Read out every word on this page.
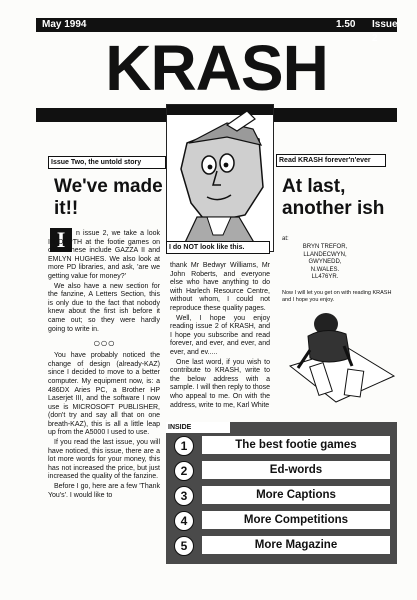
May 1994	1.50 Issue 2
KRASH
Issue Two, the untold story
We've made it!!
I	n issue 2, we take a look IN DEPTH at the footie games on offer. These include GAZZA II and EMLYN HUGHES. We also look at more PD libraries, and ask, 'are we getting value for money?'

We also have a new section for the fanzine, A Letters Section, this is only due to the fact that nobody knew about the first ish before it came out; so they were hardly going to write in.

○○○

You have probably noticed the change of design (already-KAZ) since I decided to move to a better computer. My equipment now, is: a 486DX Aries PC, a Brother HP Laserjet III, and the software I now use is MICROSOFT PUBLISHER, (don't try and say all that on one breath-KAZ), this is all a little leap up from the A5000 I used to use.

If you read the last issue, you will have noticed, this issue, there are a lot more words for your money, this has not increased the price, but just increased the quality of the fanzine.

Before I go, here are a few 'Thank You's'. I would like to

I do NOT look like this.

thank Mr Bedwyr Williams, Mr John Roberts, and everyone else who have anything to do with Harlech Resource Centre, without whom, I could not reproduce these quality pages.

Well, I hope you enjoy reading issue 2 of KRASH, and I hope you subscribe and read forever, and ever, and ever, and ever, and ev.....

One last word, if you wish to contribute to KRASH, write to the below address with a sample. I will then reply to those who appeal to me. On with the address, write to me, Karl White

Read KRASH forever'n'ever
At last, another ish
at:
BRYN TREFOR,
LLANDECWYN,
GWYNEDD,
N.WALES.
LL476YR.
Now I will let you get on with reading KRASH and I hope you enjoy.
1	The best footie games
2	Ed-words
3	More Captions
4	More Competitions
5	More Magazine
INSIDE
